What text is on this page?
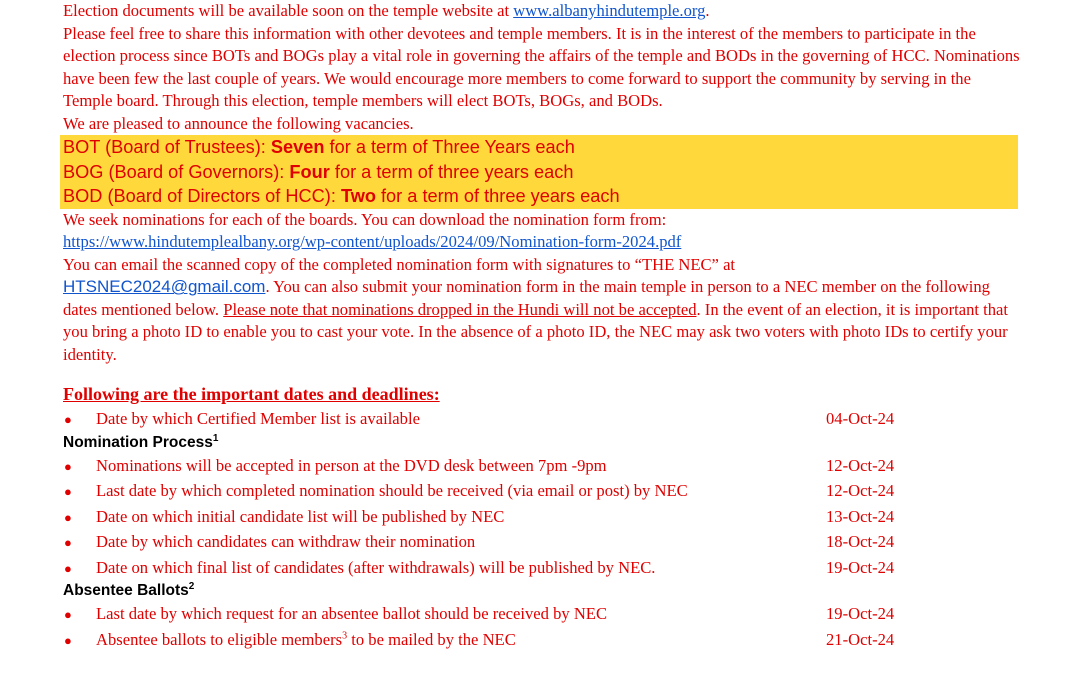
Election documents will be available soon on the temple website at www.albanyhindutemple.org.
Please feel free to share this information with other devotees and temple members. It is in the interest of the members to participate in the election process since BOTs and BOGs play a vital role in governing the affairs of the temple and BODs in the governing of HCC. Nominations have been few the last couple of years. We would encourage more members to come forward to support the community by serving in the Temple board. Through this election, temple members will elect BOTs, BOGs, and BODs.
We are pleased to announce the following vacancies.
BOT (Board of Trustees): Seven for a term of Three Years each
BOG (Board of Governors): Four for a term of three years each
BOD (Board of Directors of HCC): Two for a term of three years each
We seek nominations for each of the boards. You can download the nomination form from:
https://www.hindutemplealbany.org/wp-content/uploads/2024/09/Nomination-form-2024.pdf
You can email the scanned copy of the completed nomination form with signatures to “THE NEC” at
HTSNEC2024@gmail.com. You can also submit your nomination form in the main temple in person to a NEC member on the following dates mentioned below. Please note that nominations dropped in the Hundi will not be accepted. In the event of an election, it is important that you bring a photo ID to enable you to cast your vote. In the absence of a photo ID, the NEC may ask two voters with photo IDs to certify your identity.
Following are the important dates and deadlines:
●	Date by which Certified Member list is available	04-Oct-24
Nomination Process$^1$
●	Nominations will be accepted in person at the DVD desk between 7pm -9pm	12-Oct-24
●	Last date by which completed nomination should be received (via email or post) by NEC	12-Oct-24
●	Date on which initial candidate list will be published by NEC	13-Oct-24
●	Date by which candidates can withdraw their nomination	18-Oct-24
●	Date on which final list of candidates (after withdrawals) will be published by NEC.	19-Oct-24
Absentee Ballots$^2$
●	Last date by which request for an absentee ballot should be received by NEC	19-Oct-24
●	Absentee ballots to eligible members$^3$ to be mailed by the NEC	21-Oct-24
